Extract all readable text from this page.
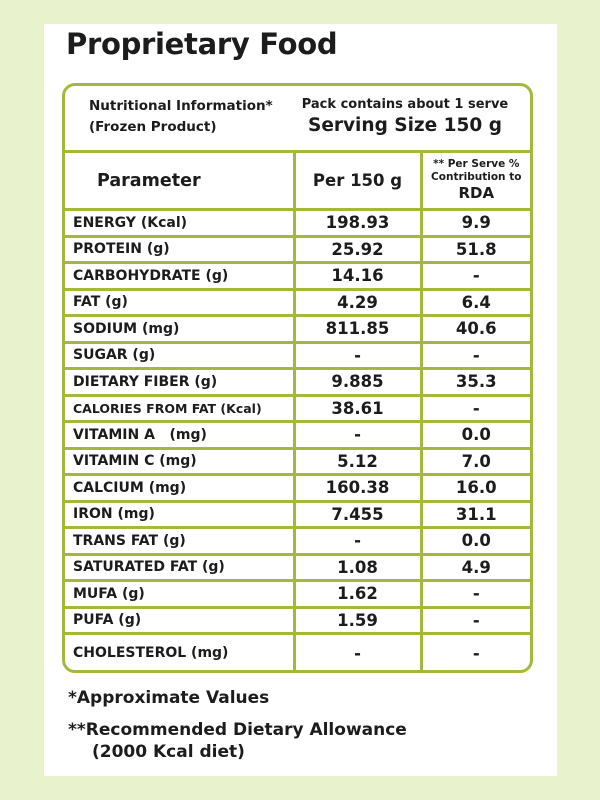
Proprietary Food
Nutritional Information*
(Frozen Product)
Pack contains about 1 serve
Serving Size 150 g
Parameter	Per 150 g	** Per Serve %
Contribution to
RDA

ENERGY (Kcal)	198.93	9.9
PROTEIN (g)	25.92	51.8
CARBOHYDRATE (g)	14.16	-
FAT (g)	4.29	6.4
SODIUM (mg)	811.85	40.6
SUGAR (g)	-	-
DIETARY FIBER (g)	9.885	35.3
CALORIES FROM FAT (Kcal)	38.61	-
VITAMIN A   (mg)	-	0.0
VITAMIN C (mg)	5.12	7.0
CALCIUM (mg)	160.38	16.0
IRON (mg)	7.455	31.1
TRANS FAT (g)	-	0.0
SATURATED FAT (g)	1.08	4.9
MUFA (g)	1.62	-
PUFA (g)	1.59	-
CHOLESTEROL (mg)	-	-
*Approximate Values
**Recommended Dietary Allowance
(2000 Kcal diet)
